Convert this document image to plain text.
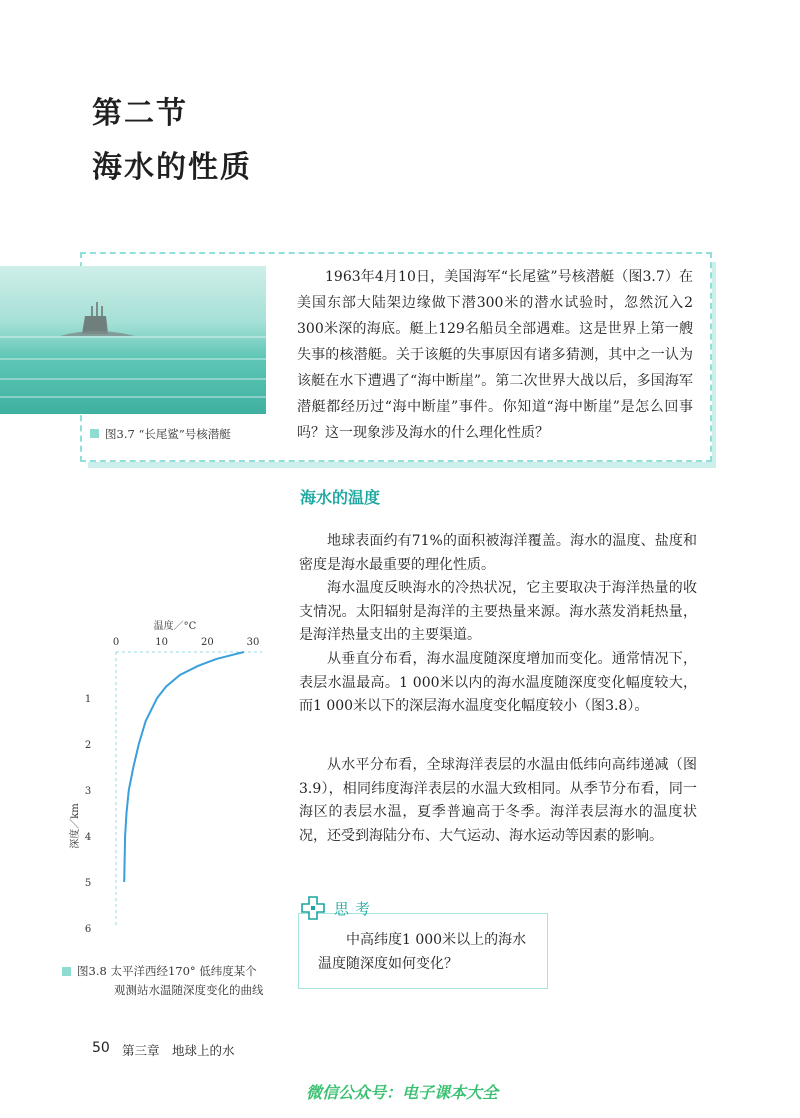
第二节
海水的性质
图3.7 “长尾鲨”号核潜艇
1963年4月10日，美国海军“长尾鲨”号核潜艇（图3.7）在美国东部大陆架边缘做下潜300米的潜水试验时，忽然沉入2 300米深的海底。艇上129名船员全部遇难。这是世界上第一艘失事的核潜艇。关于该艇的失事原因有诸多猜测，其中之一认为该艇在水下遭遇了“海中断崖”。第二次世界大战以后，多国海军潜艇都经历过“海中断崖”事件。你知道“海中断崖”是怎么回事吗？这一现象涉及海水的什么理化性质？
海水的温度
地球表面约有71%的面积被海洋覆盖。海水的温度、盐度和密度是海水最重要的理化性质。
海水温度反映海水的冷热状况，它主要取决于海洋热量的收支情况。太阳辐射是海洋的主要热量来源。海水蒸发消耗热量，是海洋热量支出的主要渠道。
从垂直分布看，海水温度随深度增加而变化。通常情况下，表层水温最高。1 000米以内的海水温度随深度变化幅度较大，而1 000米以下的深层海水温度变化幅度较小（图3.8）。
从水平分布看，全球海洋表层的水温由低纬向高纬递减（图3.9），相同纬度海洋表层的水温大致相同。从季节分布看，同一海区的表层水温，夏季普遍高于冬季。海洋表层海水的温度状况，还受到海陆分布、大气运动、海水运动等因素的影响。
温度／°C
0	10	20	30
1
2
3
4
5
6
深度／km
图3.8 太平洋西经170° 低纬度某个
观测站水温随深度变化的曲线
思考
中高纬度1 000米以上的海水温度随深度如何变化？
50 第三章　地球上的水
微信公众号：电子课本大全
